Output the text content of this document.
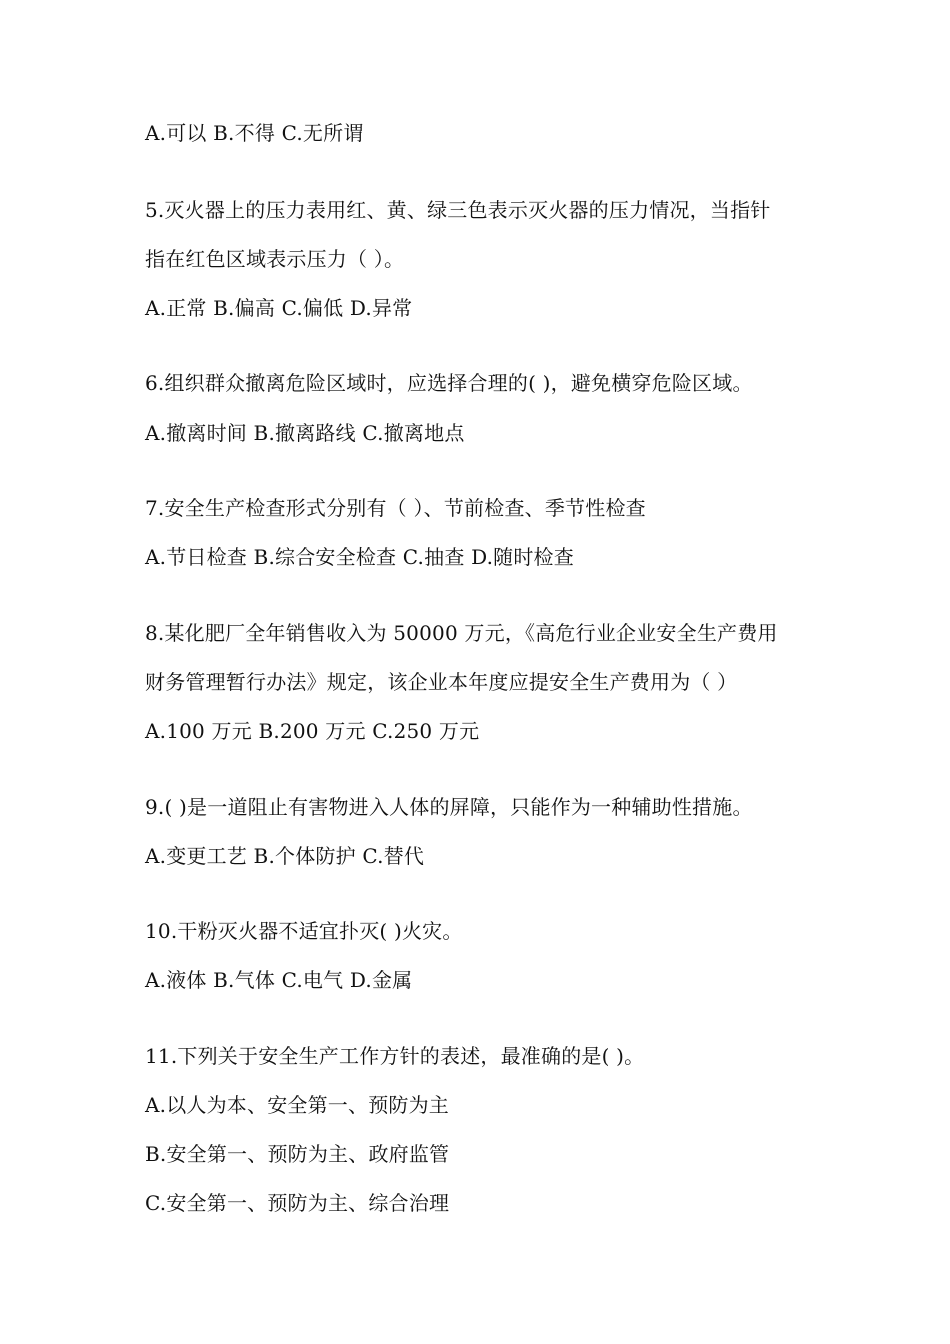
A.可以 B.不得 C.无所谓
5.灭火器上的压力表用红、黄、绿三色表示灭火器的压力情况，当指针
指在红色区域表示压力（ ）。
A.正常 B.偏高 C.偏低 D.异常
6.组织群众撤离危险区域时，应选择合理的( )，避免横穿危险区域。
A.撤离时间 B.撤离路线 C.撤离地点
7.安全生产检查形式分别有（ ）、节前检查、季节性检查
A.节日检查 B.综合安全检查 C.抽查 D.随时检查
8.某化肥厂全年销售收入为 50000 万元，《高危行业企业安全生产费用
财务管理暂行办法》规定，该企业本年度应提安全生产费用为（ ）
A.100 万元 B.200 万元 C.250 万元
9.( )是一道阻止有害物进入人体的屏障，只能作为一种辅助性措施。
A.变更工艺 B.个体防护 C.替代
10.干粉灭火器不适宜扑灭( )火灾。
A.液体 B.气体 C.电气 D.金属
11.下列关于安全生产工作方针的表述，最准确的是( )。
A.以人为本、安全第一、预防为主
B.安全第一、预防为主、政府监管
C.安全第一、预防为主、综合治理
